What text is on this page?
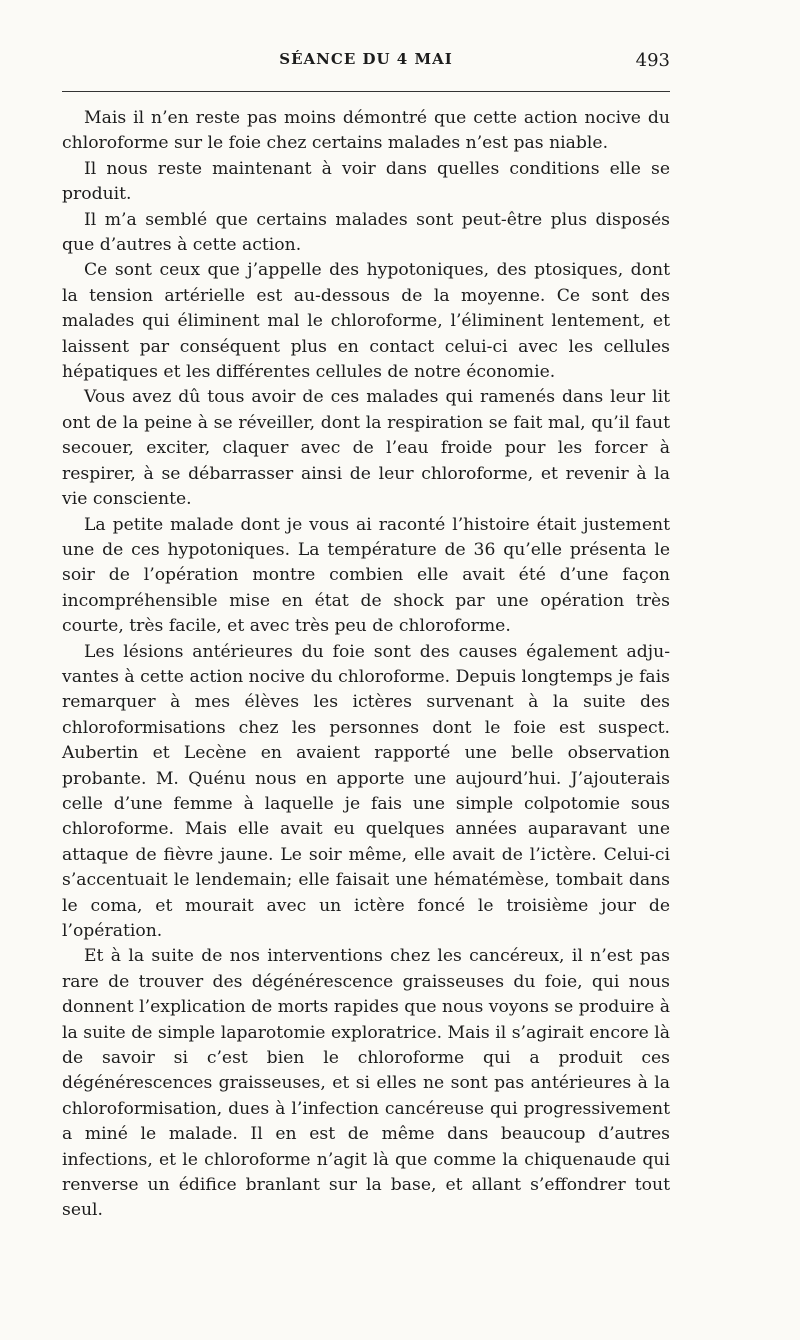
SÉANCE DU 4 MAI	493

Mais il n’en reste pas moins démontré que cette action nocive du chloroforme sur le foie chez certains malades n’est pas niable.

Il nous reste maintenant à voir dans quelles conditions elle se produit.

Il m’a semblé que certains malades sont peut-être plus disposés que d’autres à cette action.

Ce sont ceux que j’appelle des hypotoniques, des ptosiques, dont la tension artérielle est au-dessous de la moyenne. Ce sont des malades qui éliminent mal le chloroforme, l’éliminent lentement, et laissent par conséquent plus en contact celui-ci avec les cellules hépatiques et les différentes cellules de notre économie.

Vous avez dû tous avoir de ces malades qui ramenés dans leur lit ont de la peine à se réveiller, dont la respiration se fait mal, qu’il faut secouer, exciter, claquer avec de l’eau froide pour les forcer à respirer, à se débarrasser ainsi de leur chloroforme, et revenir à la vie consciente.

La petite malade dont je vous ai raconté l’histoire était justement une de ces hypotoniques. La température de 36 qu’elle présenta le soir de l’opération montre combien elle avait été d’une façon incompréhensible mise en état de shock par une opération très courte, très facile, et avec très peu de chloroforme.

Les lésions antérieures du foie sont des causes également adjuvantes à cette action nocive du chloroforme. Depuis longtemps je fais remarquer à mes élèves les ictères survenant à la suite des chloroformisations chez les personnes dont le foie est suspect. Aubertin et Lecène en avaient rapporté une belle observation probante. M. Quénu nous en apporte une aujourd’hui. J’ajouterais celle d’une femme à laquelle je fais une simple colpotomie sous chloroforme. Mais elle avait eu quelques années auparavant une attaque de fièvre jaune. Le soir même, elle avait de l’ictère. Celui-ci s’accentuait le lendemain; elle faisait une hématémèse, tombait dans le coma, et mourait avec un ictère foncé le troisième jour de l’opération.

Et à la suite de nos interventions chez les cancéreux, il n’est pas rare de trouver des dégénérescence graisseuses du foie, qui nous donnent l’explication de morts rapides que nous voyons se produire à la suite de simple laparotomie exploratrice. Mais il s’agirait encore là de savoir si c’est bien le chloroforme qui a produit ces dégénérescences graisseuses, et si elles ne sont pas antérieures à la chloroformisation, dues à l’infection cancéreuse qui progressivement a miné le malade. Il en est de même dans beaucoup d’autres infections, et le chloroforme n’agit là que comme la chiquenaude qui renverse un édifice branlant sur la base, et allant s’effondrer tout seul.
